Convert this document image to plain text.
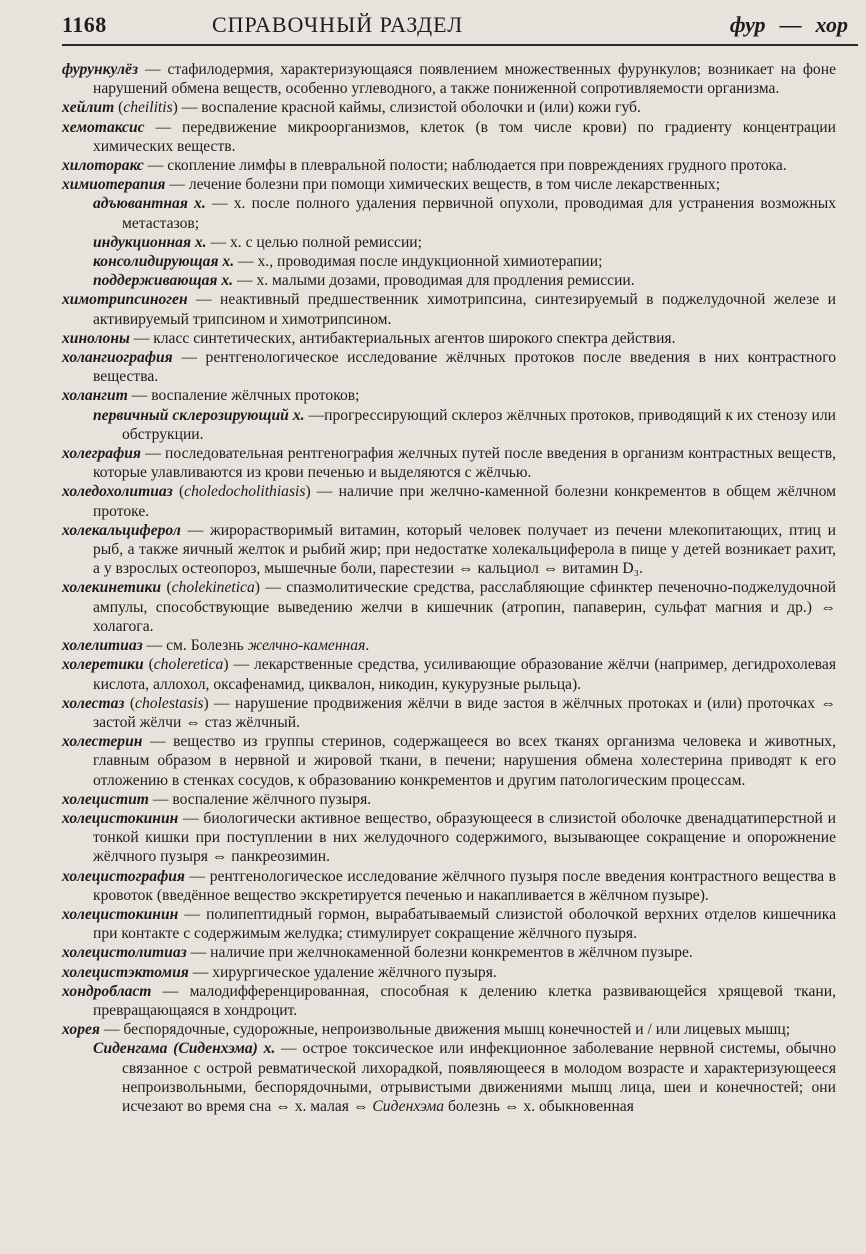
1168	СПРАВОЧНЫЙ РАЗДЕЛ	фур — хор

фурункулёз — стафилодермия, характеризующаяся появлением множественных фурункулов; возникает на фоне нарушений обмена веществ, особенно углеводного, а также пониженной сопротивляемости организма.

хейлит (cheilitis) — воспаление красной каймы, слизистой оболочки и (или) кожи губ.

хемотаксис — передвижение микроорганизмов, клеток (в том числе крови) по градиенту концентрации химических веществ.

хилоторакс — скопление лимфы в плевральной полости; наблюдается при повреждениях грудного протока.

химиотерапия — лечение болезни при помощи химических веществ, в том числе лекарственных;

адъювантная х. — х. после полного удаления первичной опухоли, проводимая для устранения возможных метастазов;

индукционная х. — х. с целью полной ремиссии;

консолидирующая х. — х., проводимая после индукционной химиотерапии;

поддерживающая х. — х. малыми дозами, проводимая для продления ремиссии.

химотрипсиноген — неактивный предшественник химотрипсина, синтезируемый в поджелудочной железе и активируемый трипсином и химотрипсином.

хинолоны — класс синтетических, антибактериальных агентов широкого спектра действия.

холангиография — рентгенологическое исследование жёлчных протоков после введения в них контрастного вещества.

холангит — воспаление жёлчных протоков;

первичный склерозирующий х. —прогрессирующий склероз жёлчных протоков, приводящий к их стенозу или обструкции.

холеграфия — последовательная рентгенография желчных путей после введения в организм контрастных веществ, которые улавливаются из крови печенью и выделяются с жёлчью.

холедохолитиаз (choledocholithiasis) — наличие при желчно-каменной болезни конкрементов в общем жёлчном протоке.

холекальциферол — жирорастворимый витамин, который человек получает из печени млекопитающих, птиц и рыб, а также яичный желток и рыбий жир; при недостатке холекальциферола в пище у детей возникает рахит, а у взрослых остеопороз, мышечные боли, парестезии ⇔ кальциол ⇔ витамин D₃.

холекинетики (cholekinetica) — спазмолитические средства, расслабляющие сфинктер печеночно-поджелудочной ампулы, способствующие выведению желчи в кишечник (атропин, папаверин, сульфат магния и др.) ⇔ холагога.

холелитиаз — см. Болезнь желчно-каменная.

холеретики (choleretica) — лекарственные средства, усиливающие образование жёлчи (например, дегидрохолевая кислота, аллохол, оксафенамид, циквалон, никодин, кукурузные рыльца).

холестаз (cholestasis) — нарушение продвижения жёлчи в виде застоя в жёлчных протоках и (или) проточках ⇔ застой жёлчи ⇔ стаз жёлчный.

холестерин — вещество из группы стеринов, содержащееся во всех тканях организма человека и животных, главным образом в нервной и жировой ткани, в печени; нарушения обмена холестерина приводят к его отложению в стенках сосудов, к образованию конкрементов и другим патологическим процессам.

холецистит — воспаление жёлчного пузыря.

холецистокинин — биологически активное вещество, образующееся в слизистой оболочке двенадцатиперстной и тонкой кишки при поступлении в них желудочного содержимого, вызывающее сокращение и опорожнение жёлчного пузыря ⇔ панкреозимин.

холецистография — рентгенологическое исследование жёлчного пузыря после введения контрастного вещества в кровоток (введённое вещество экскретируется печенью и накапливается в жёлчном пузыре).

холецистокинин — полипептидный гормон, вырабатываемый слизистой оболочкой верхних отделов кишечника при контакте с содержимым желудка; стимулирует сокращение жёлчного пузыря.

холецистолитиаз — наличие при желчнокаменной болезни конкрементов в жёлчном пузыре.

холецистэктомия — хирургическое удаление жёлчного пузыря.

хондробласт — малодифференцированная, способная к делению клетка развивающейся хрящевой ткани, превращающаяся в хондроцит.

хорея — беспорядочные, судорожные, непроизвольные движения мышц конечностей и / или лицевых мышц;

Сиденгама (Сиденхэма) х. — острое токсическое или инфекционное заболевание нервной системы, обычно связанное с острой ревматической лихорадкой, появляющееся в молодом возрасте и характеризующееся непроизвольными, беспорядочными, отрывистыми движениями мышц лица, шеи и конечностей; они исчезают во время сна ⇔ х. малая ⇔ Сиденхэма болезнь ⇔ х. обыкновенная
